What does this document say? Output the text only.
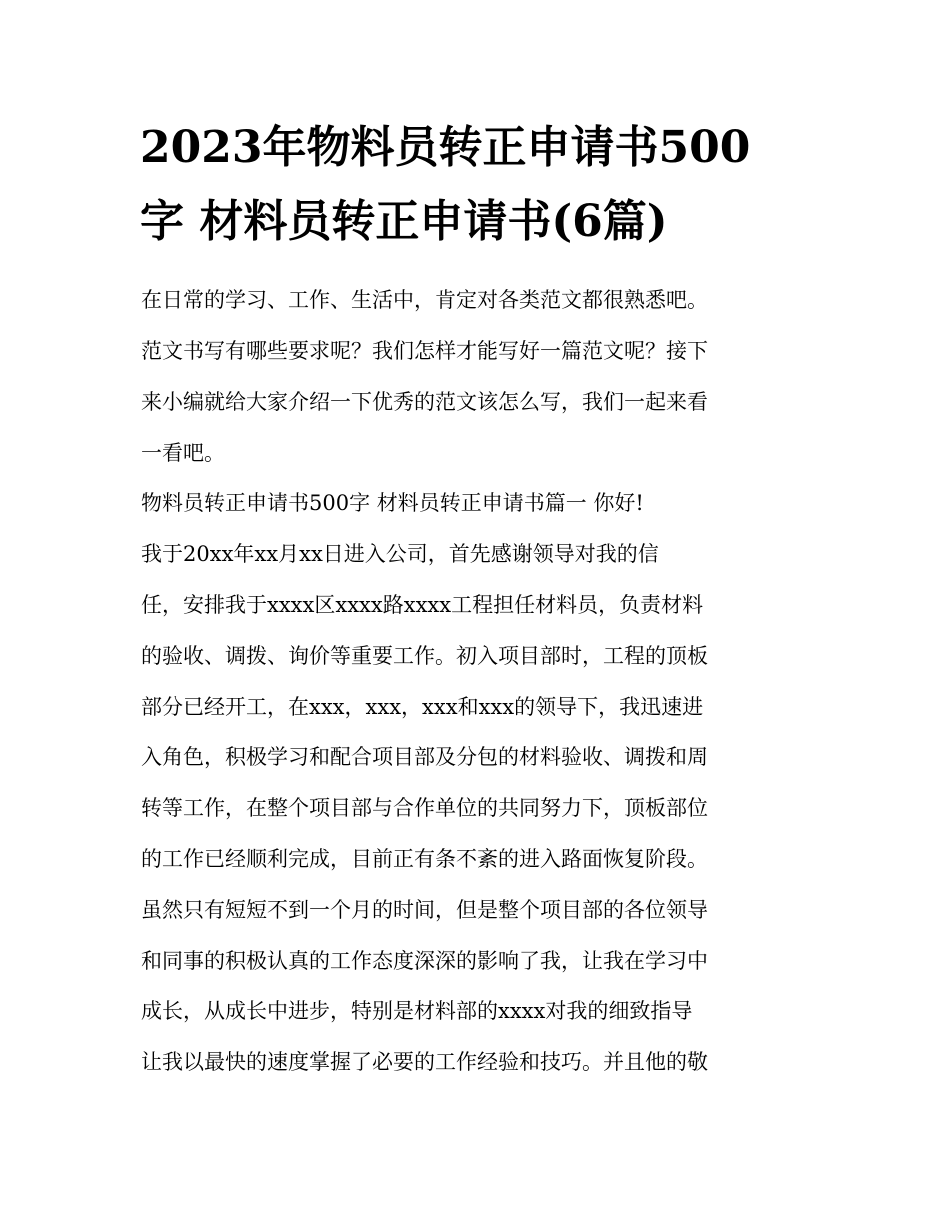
2023年物料员转正申请书500
字 材料员转正申请书(6篇)
在日常的学习、工作、生活中，肯定对各类范文都很熟悉吧。
范文书写有哪些要求呢？我们怎样才能写好一篇范文呢？接下
来小编就给大家介绍一下优秀的范文该怎么写，我们一起来看
一看吧。
物料员转正申请书500字 材料员转正申请书篇一 你好!
我于20xx年xx月xx日进入公司，首先感谢领导对我的信
任，安排我于xxxx区xxxx路xxxx工程担任材料员，负责材料
的验收、调拨、询价等重要工作。初入项目部时，工程的顶板
部分已经开工，在xxx，xxx，xxx和xxx的领导下，我迅速进
入角色，积极学习和配合项目部及分包的材料验收、调拨和周
转等工作，在整个项目部与合作单位的共同努力下，顶板部位
的工作已经顺利完成，目前正有条不紊的进入路面恢复阶段。
虽然只有短短不到一个月的时间，但是整个项目部的各位领导
和同事的积极认真的工作态度深深的影响了我，让我在学习中
成长，从成长中进步，特别是材料部的xxxx对我的细致指导
让我以最快的速度掌握了必要的工作经验和技巧。并且他的敬
